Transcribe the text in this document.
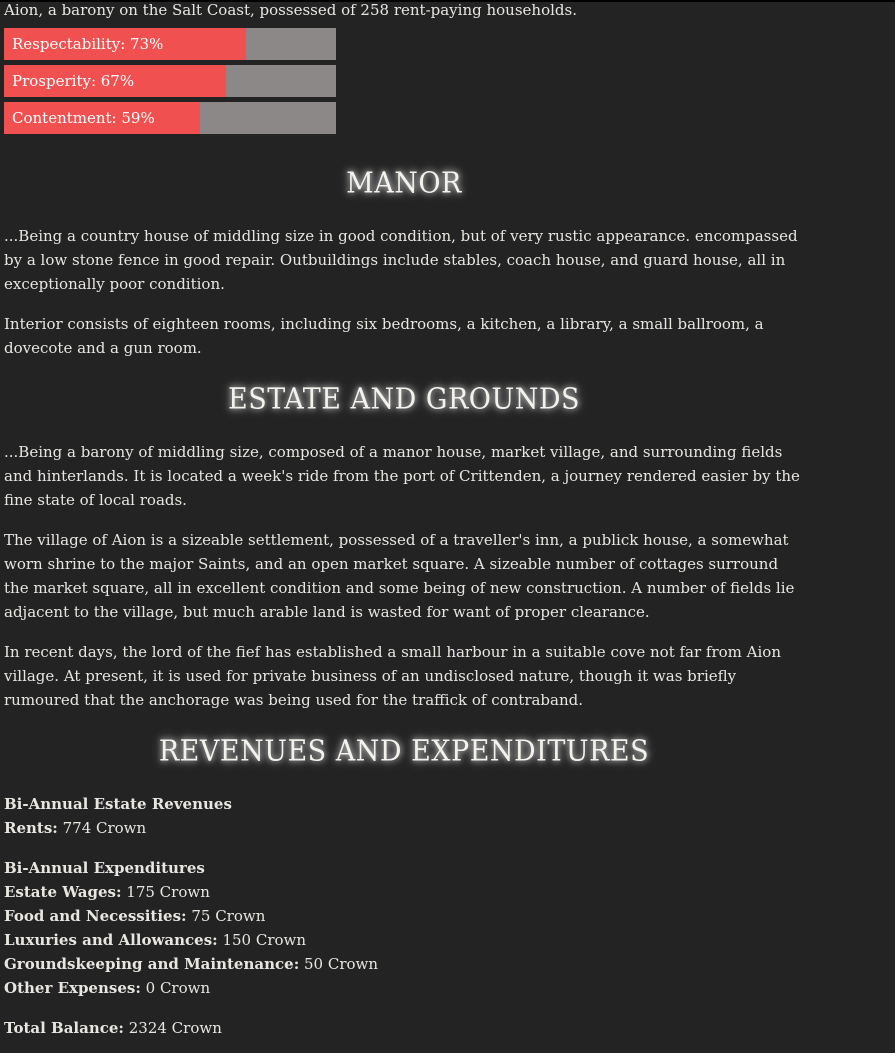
Aion, a barony on the Salt Coast, possessed of 258 rent-paying households.

Respectability: 73%
Prosperity: 67%
Contentment: 59%
MANOR

...Being a country house of middling size in good condition, but of very rustic appearance. encompassed by a low stone fence in good repair. Outbuildings include stables, coach house, and guard house, all in exceptionally poor condition.

Interior consists of eighteen rooms, including six bedrooms, a kitchen, a library, a small ballroom, a dovecote and a gun room.

ESTATE AND GROUNDS

...Being a barony of middling size, composed of a manor house, market village, and surrounding fields and hinterlands. It is located a week's ride from the port of Crittenden, a journey rendered easier by the fine state of local roads.

The village of Aion is a sizeable settlement, possessed of a traveller's inn, a publick house, a somewhat worn shrine to the major Saints, and an open market square. A sizeable number of cottages surround the market square, all in excellent condition and some being of new construction. A number of fields lie adjacent to the village, but much arable land is wasted for want of proper clearance.

In recent days, the lord of the fief has established a small harbour in a suitable cove not far from Aion village. At present, it is used for private business of an undisclosed nature, though it was briefly rumoured that the anchorage was being used for the traffick of contraband.

REVENUES AND EXPENDITURES
Bi-Annual Estate Revenues
Rents: 774 Crown
Bi-Annual Expenditures
Estate Wages: 175 Crown
Food and Necessities: 75 Crown
Luxuries and Allowances: 150 Crown
Groundskeeping and Maintenance: 50 Crown
Other Expenses: 0 Crown
Total Balance: 2324 Crown
